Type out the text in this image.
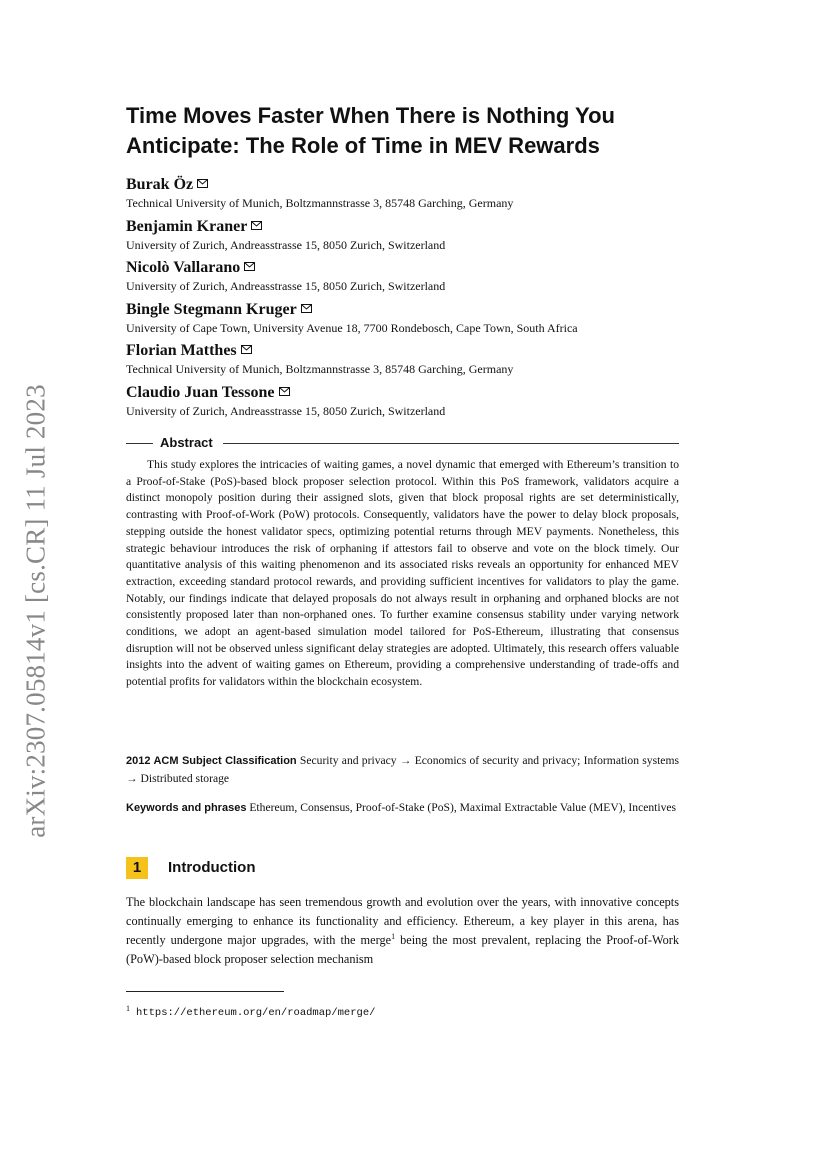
arXiv:2307.05814v1 [cs.CR] 11 Jul 2023
Time Moves Faster When There is Nothing You Anticipate: The Role of Time in MEV Rewards
Burak Öz
Technical University of Munich, Boltzmannstrasse 3, 85748 Garching, Germany
Benjamin Kraner
University of Zurich, Andreasstrasse 15, 8050 Zurich, Switzerland
Nicolò Vallarano
University of Zurich, Andreasstrasse 15, 8050 Zurich, Switzerland
Bingle Stegmann Kruger
University of Cape Town, University Avenue 18, 7700 Rondebosch, Cape Town, South Africa
Florian Matthes
Technical University of Munich, Boltzmannstrasse 3, 85748 Garching, Germany
Claudio Juan Tessone
University of Zurich, Andreasstrasse 15, 8050 Zurich, Switzerland
Abstract

This study explores the intricacies of waiting games, a novel dynamic that emerged with Ethereum’s transition to a Proof-of-Stake (PoS)-based block proposer selection protocol. Within this PoS framework, validators acquire a distinct monopoly position during their assigned slots, given that block proposal rights are set deterministically, contrasting with Proof-of-Work (PoW) protocols. Consequently, validators have the power to delay block proposals, stepping outside the honest validator specs, optimizing potential returns through MEV payments. Nonetheless, this strategic behaviour introduces the risk of orphaning if attestors fail to observe and vote on the block timely. Our quantitative analysis of this waiting phenomenon and its associated risks reveals an opportunity for enhanced MEV extraction, exceeding standard protocol rewards, and providing sufficient incentives for validators to play the game. Notably, our findings indicate that delayed proposals do not always result in orphaning and orphaned blocks are not consistently proposed later than non-orphaned ones. To further examine consensus stability under varying network conditions, we adopt an agent-based simulation model tailored for PoS-Ethereum, illustrating that consensus disruption will not be observed unless significant delay strategies are adopted. Ultimately, this research offers valuable insights into the advent of waiting games on Ethereum, providing a comprehensive understanding of trade-offs and potential profits for validators within the blockchain ecosystem.

2012 ACM Subject Classification Security and privacy → Economics of security and privacy; Information systems → Distributed storage

Keywords and phrases Ethereum, Consensus, Proof-of-Stake (PoS), Maximal Extractable Value (MEV), Incentives

1	Introduction

The blockchain landscape has seen tremendous growth and evolution over the years, with innovative concepts continually emerging to enhance its functionality and efficiency. Ethereum, a key player in this arena, has recently undergone major upgrades, with the merge$^1$ being the most prevalent, replacing the Proof-of-Work (PoW)-based block proposer selection mechanism

$^1$ https://ethereum.org/en/roadmap/merge/
